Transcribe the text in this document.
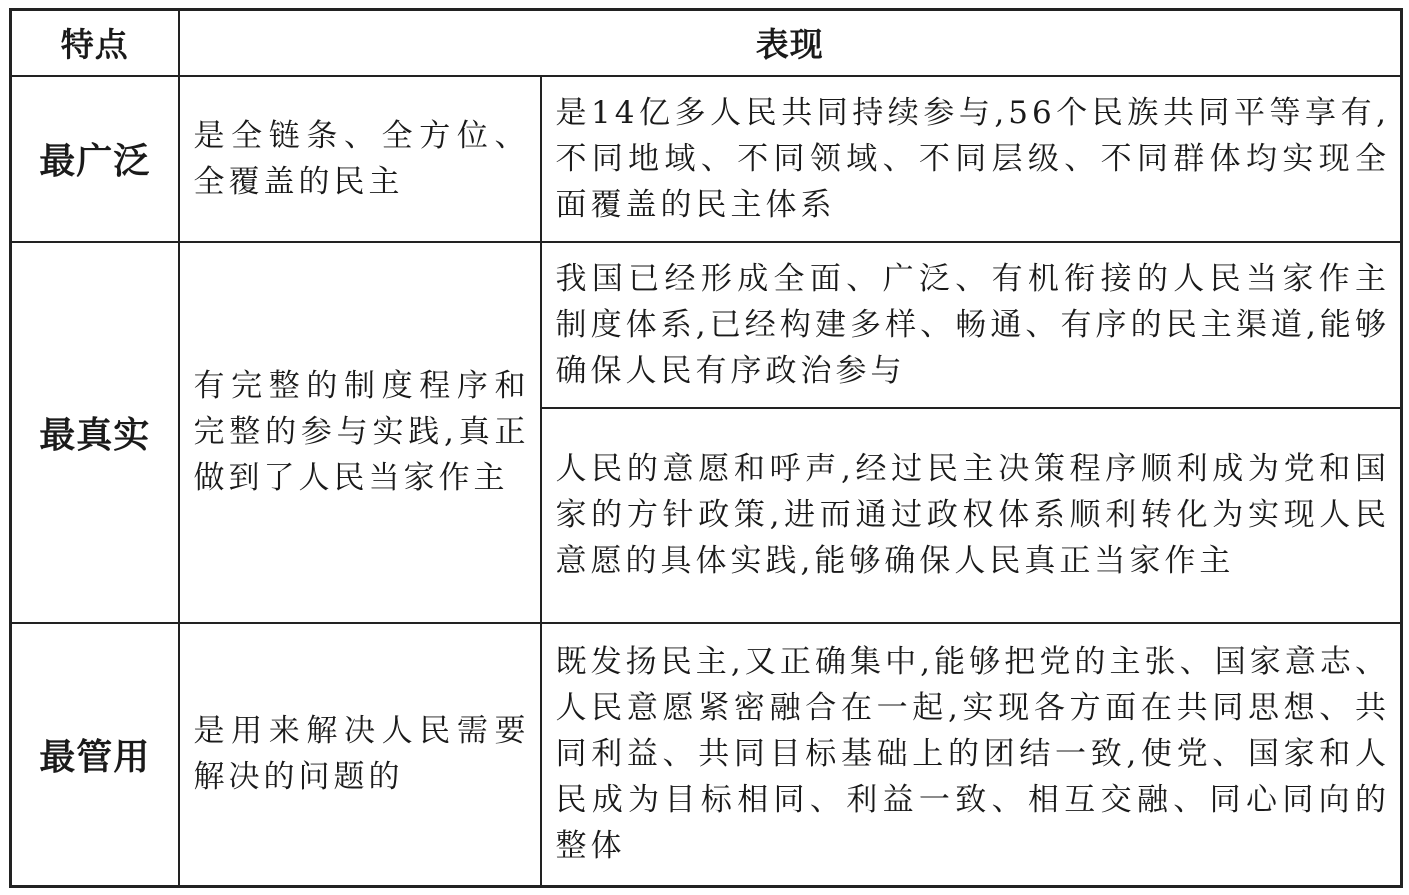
特点	表现	
最广泛	是全链条、全方位、全覆盖的民主	是14亿多人民共同持续参与,56个民族共同平等享有,不同地域、不同领域、不同层级、不同群体均实现全面覆盖的民主体系

最真实	有完整的制度程序和完整的参与实践,真正做到了人民当家作主	我国已经形成全面、广泛、有机衔接的人民当家作主制度体系,已经构建多样、畅通、有序的民主渠道,能够确保人民有序政治参与

		人民的意愿和呼声,经过民主决策程序顺利成为党和国家的方针政策,进而通过政权体系顺利转化为实现人民意愿的具体实践,能够确保人民真正当家作主

最管用	是用来解决人民需要解决的问题的	既发扬民主,又正确集中,能够把党的主张、国家意志、人民意愿紧密融合在一起,实现各方面在共同思想、共同利益、共同目标基础上的团结一致,使党、国家和人民成为目标相同、利益一致、相互交融、同心同向的整体
